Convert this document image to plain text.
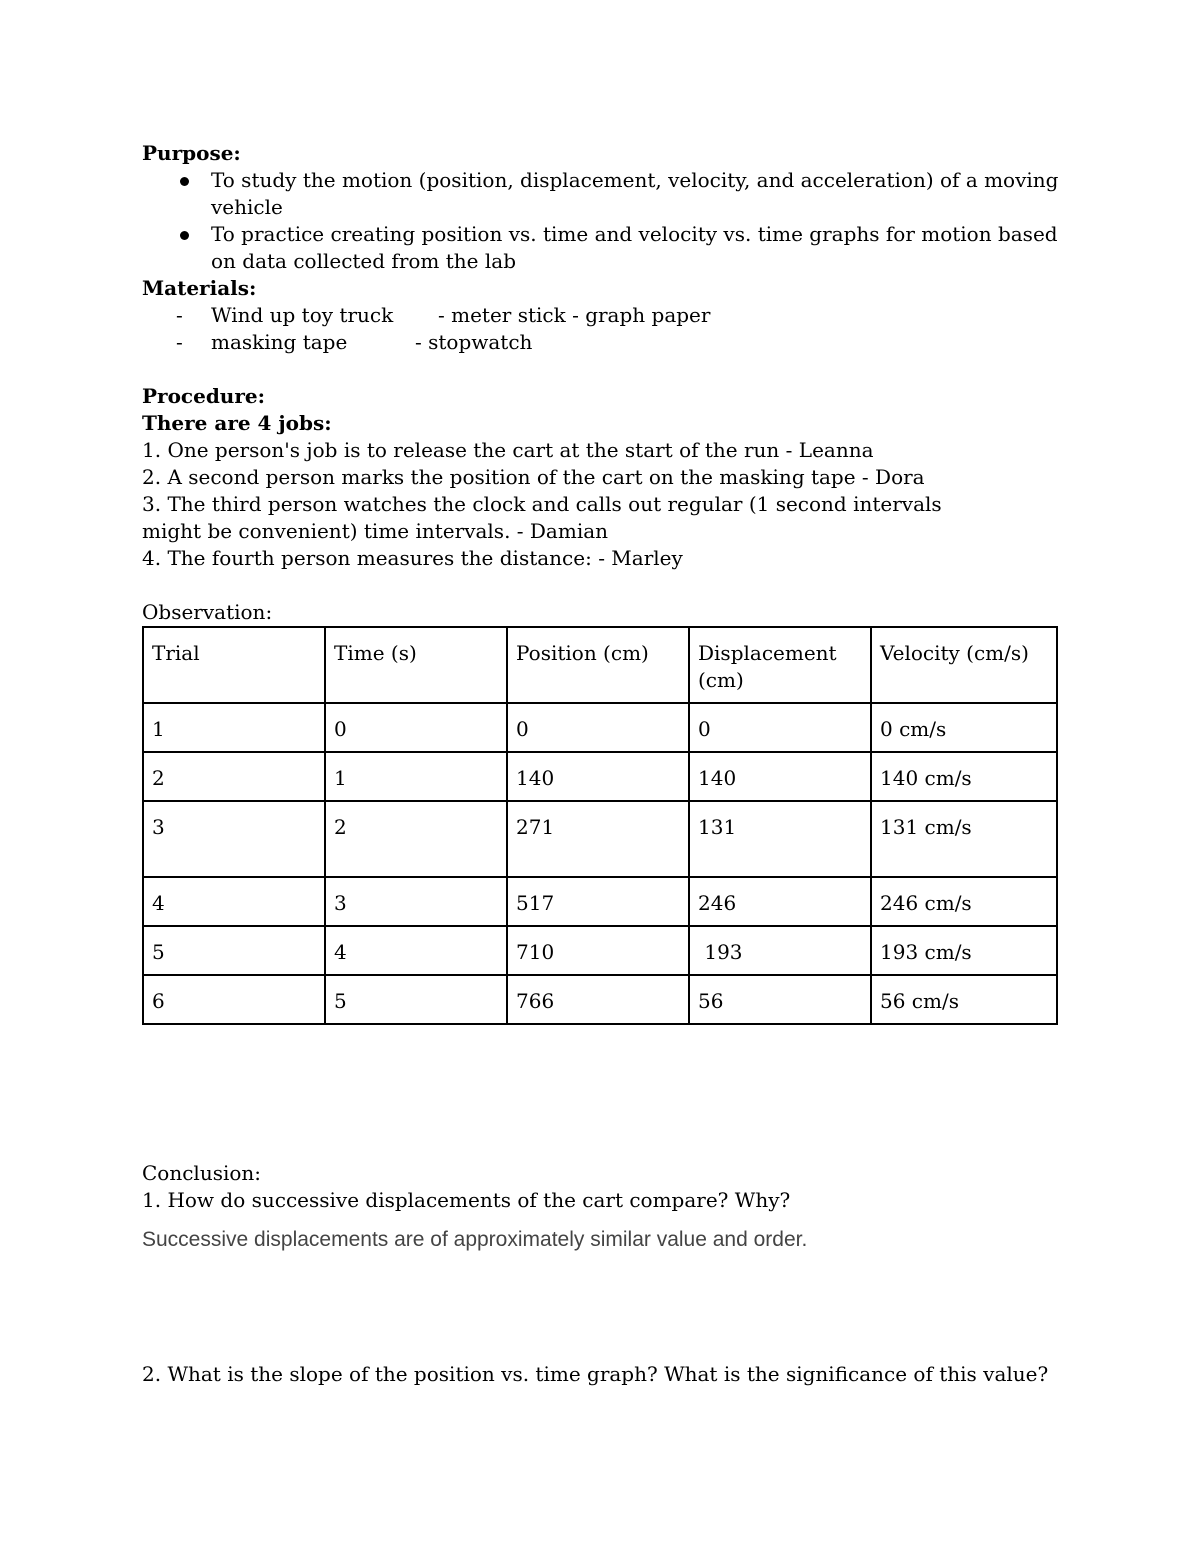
Purpose:
To study the motion (position, displacement, velocity, and acceleration) of a moving vehicle
To practice creating position vs. time and velocity vs. time graphs for motion based on data collected from the lab
Materials:
- Wind up toy truck - meter stick - graph paper
- masking tape	- stopwatch
Procedure:
There are 4 jobs:
1. One person's job is to release the cart at the start of the run - Leanna
2. A second person marks the position of the cart on the masking tape - Dora
3. The third person watches the clock and calls out regular (1 second intervals might be convenient) time intervals. - Damian
4. The fourth person measures the distance: - Marley
Observation:
Trial	Time (s)	Position (cm)	Displacement (cm)	Velocity (cm/s)
1	0	0	0	0 cm/s
2	1	140	140	140 cm/s
3	2	271	131	131 cm/s
4	3	517	246	246 cm/s
5	4	710	193	193 cm/s
6	5	766	56	56 cm/s
Conclusion:
1. How do successive displacements of the cart compare? Why?
Successive displacements are of approximately similar value and order.
2. What is the slope of the position vs. time graph? What is the significance of this value?
